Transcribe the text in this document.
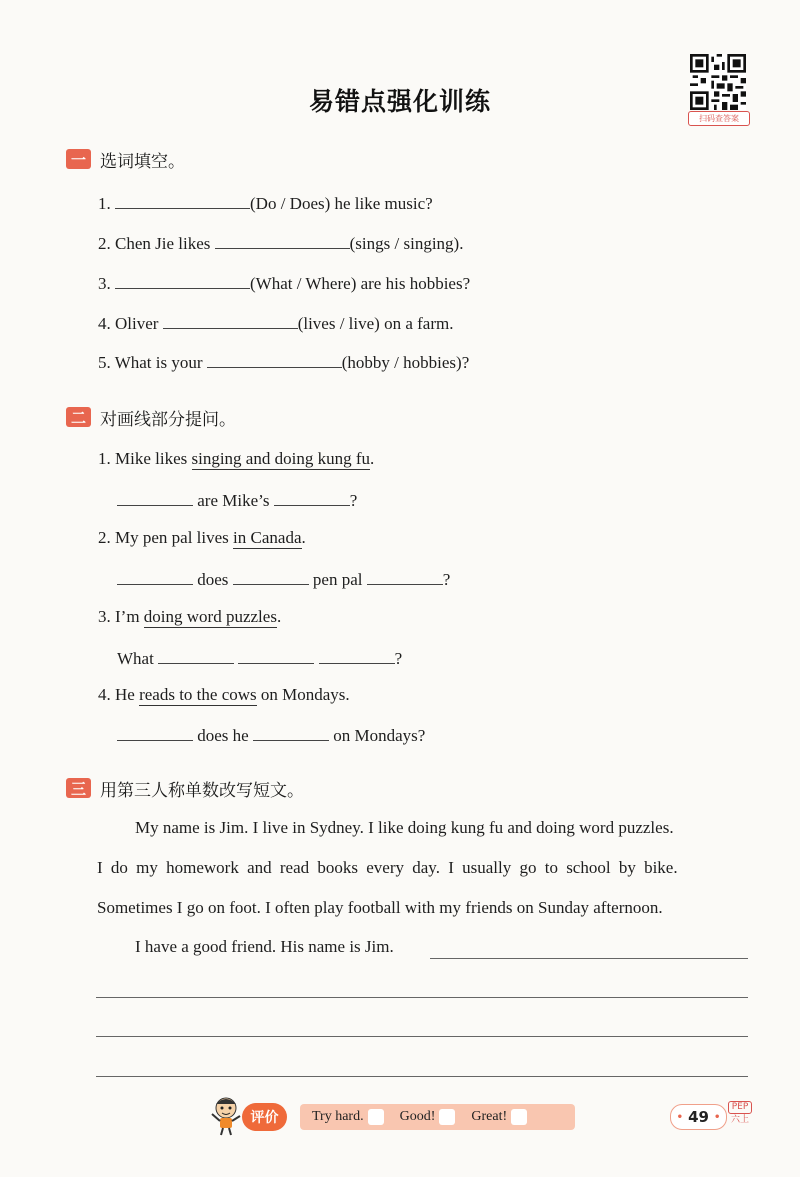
易错点强化训练
扫码查答案
一 选词填空。
1.	(Do / Does) he like music?
2. Chen Jie likes	(sings / singing).
3.	(What / Where) are his hobbies?
4. Oliver	(lives / live) on a farm.
5. What is your	(hobby / hobbies)?
二 对画线部分提问。
1. Mike likes singing and doing kung fu.
are Mike’s	?
2. My pen pal lives in Canada.
does	pen pal	?
3. I’m doing word puzzles.
What	?
4. He reads to the cows on Mondays.
does he	on Mondays?
三 用第三人称单数改写短文。
My name is Jim. I live in Sydney. I like doing kung fu and doing word puzzles.
I do my homework and read books every day. I usually go to school by bike.
Sometimes I go on foot. I often play football with my friends on Sunday afternoon.
I have a good friend. His name is Jim.
评价	Try hard.	Good!	Great!	• 49 •
PEP
六上
